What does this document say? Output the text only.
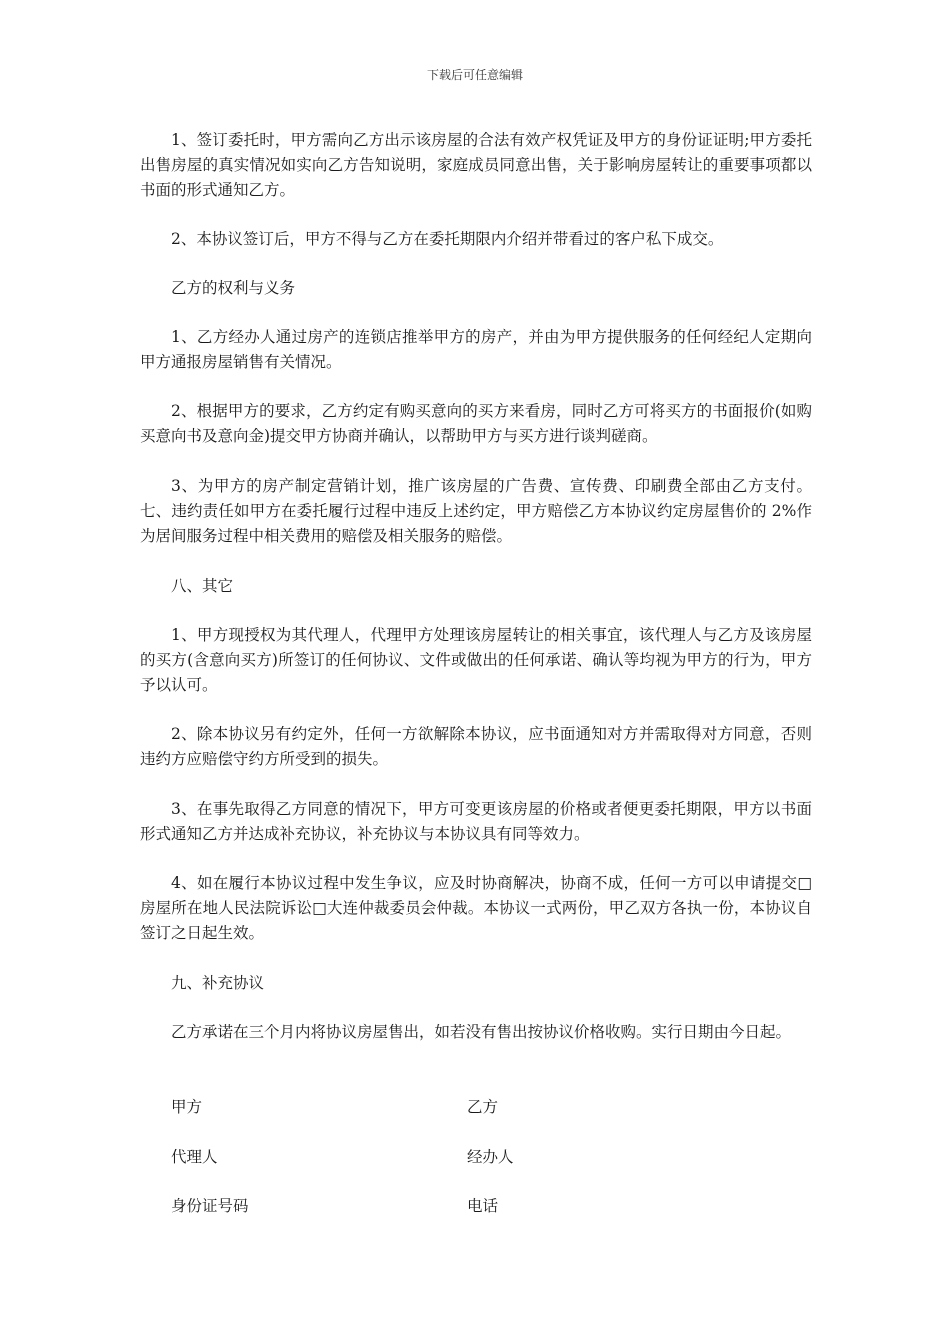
下载后可任意编辑

1、签订委托时，甲方需向乙方出示该房屋的合法有效产权凭证及甲方的身份证证明;甲方委托出售房屋的真实情况如实向乙方告知说明，家庭成员同意出售，关于影响房屋转让的重要事项都以书面的形式通知乙方。

2、本协议签订后，甲方不得与乙方在委托期限内介绍并带看过的客户私下成交。

乙方的权利与义务

1、乙方经办人通过房产的连锁店推举甲方的房产，并由为甲方提供服务的任何经纪人定期向甲方通报房屋销售有关情况。

2、根据甲方的要求，乙方约定有购买意向的买方来看房，同时乙方可将买方的书面报价(如购买意向书及意向金)提交甲方协商并确认，以帮助甲方与买方进行谈判磋商。

3、为甲方的房产制定营销计划，推广该房屋的广告费、宣传费、印刷费全部由乙方支付。七、违约责任如甲方在委托履行过程中违反上述约定，甲方赔偿乙方本协议约定房屋售价的 2%作为居间服务过程中相关费用的赔偿及相关服务的赔偿。

八、其它

1、甲方现授权为其代理人，代理甲方处理该房屋转让的相关事宜，该代理人与乙方及该房屋的买方(含意向买方)所签订的任何协议、文件或做出的任何承诺、确认等均视为甲方的行为，甲方予以认可。

2、除本协议另有约定外，任何一方欲解除本协议，应书面通知对方并需取得对方同意，否则违约方应赔偿守约方所受到的损失。

3、在事先取得乙方同意的情况下，甲方可变更该房屋的价格或者便更委托期限，甲方以书面形式通知乙方并达成补充协议，补充协议与本协议具有同等效力。

4、如在履行本协议过程中发生争议，应及时协商解决，协商不成，任何一方可以申请提交□房屋所在地人民法院诉讼□大连仲裁委员会仲裁。本协议一式两份，甲乙双方各执一份，本协议自签订之日起生效。

九、补充协议

乙方承诺在三个月内将协议房屋售出，如若没有售出按协议价格收购。实行日期由今日起。

甲方	乙方
代理人	经办人
身份证号码	电话
